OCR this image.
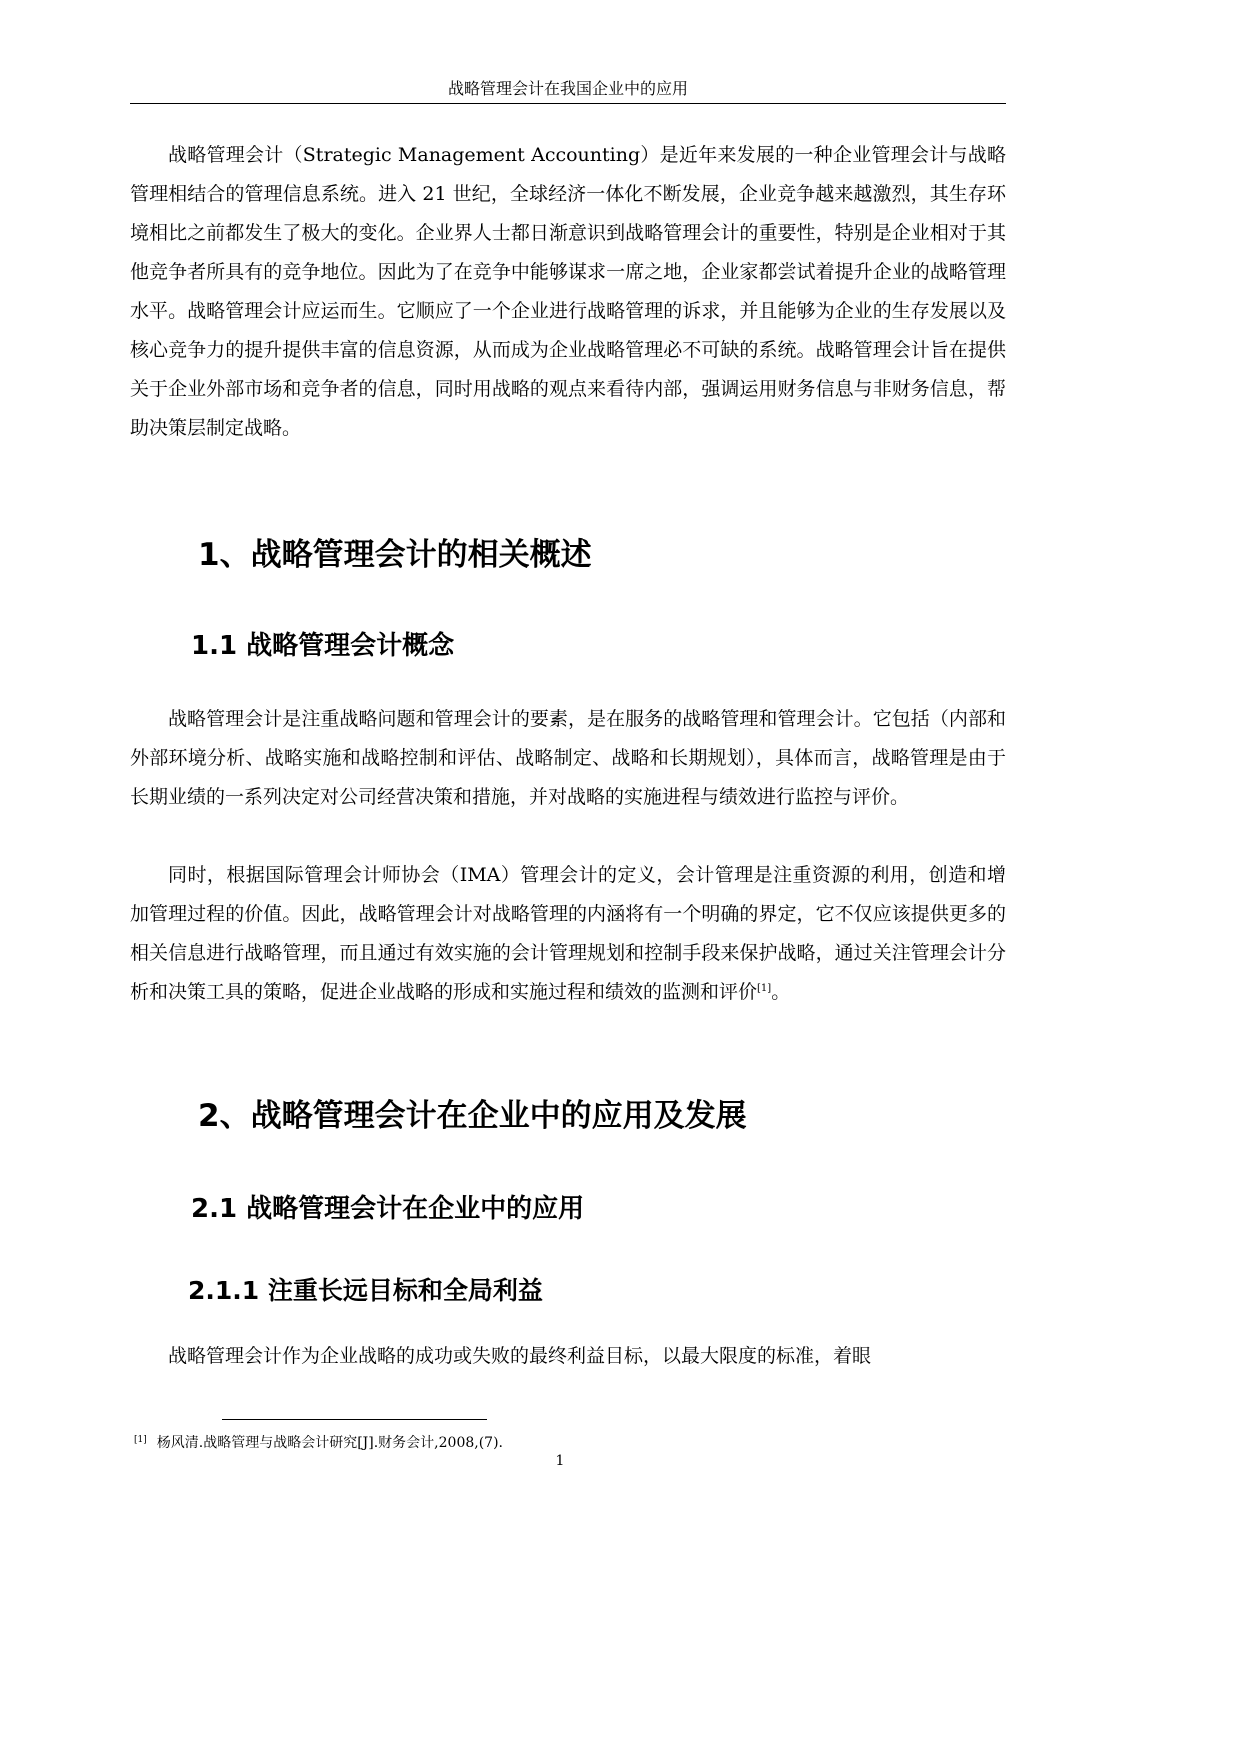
战略管理会计在我国企业中的应用

战略管理会计（Strategic Management Accounting）是近年来发展的一种企业管理会计与战略管理相结合的管理信息系统。进入 21 世纪，全球经济一体化不断发展，企业竞争越来越激烈，其生存环境相比之前都发生了极大的变化。企业界人士都日渐意识到战略管理会计的重要性，特别是企业相对于其他竞争者所具有的竞争地位。因此为了在竞争中能够谋求一席之地，企业家都尝试着提升企业的战略管理水平。战略管理会计应运而生。它顺应了一个企业进行战略管理的诉求，并且能够为企业的生存发展以及核心竞争力的提升提供丰富的信息资源，从而成为企业战略管理必不可缺的系统。战略管理会计旨在提供关于企业外部市场和竞争者的信息，同时用战略的观点来看待内部，强调运用财务信息与非财务信息，帮助决策层制定战略。

1、战略管理会计的相关概述
1.1 战略管理会计概念

战略管理会计是注重战略问题和管理会计的要素，是在服务的战略管理和管理会计。它包括（内部和外部环境分析、战略实施和战略控制和评估、战略制定、战略和长期规划），具体而言，战略管理是由于长期业绩的一系列决定对公司经营决策和措施，并对战略的实施进程与绩效进行监控与评价。

同时，根据国际管理会计师协会（IMA）管理会计的定义，会计管理是注重资源的利用，创造和增加管理过程的价值。因此，战略管理会计对战略管理的内涵将有一个明确的界定，它不仅应该提供更多的相关信息进行战略管理，而且通过有效实施的会计管理规划和控制手段来保护战略，通过关注管理会计分析和决策工具的策略，促进企业战略的形成和实施过程和绩效的监测和评价[1]。

2、战略管理会计在企业中的应用及发展
2.1 战略管理会计在企业中的应用
2.1.1 注重长远目标和全局利益

战略管理会计作为企业战略的成功或失败的最终利益目标，以最大限度的标准，着眼

[1] 杨风清.战略管理与战略会计研究[J].财务会计,2008,(7).
1
